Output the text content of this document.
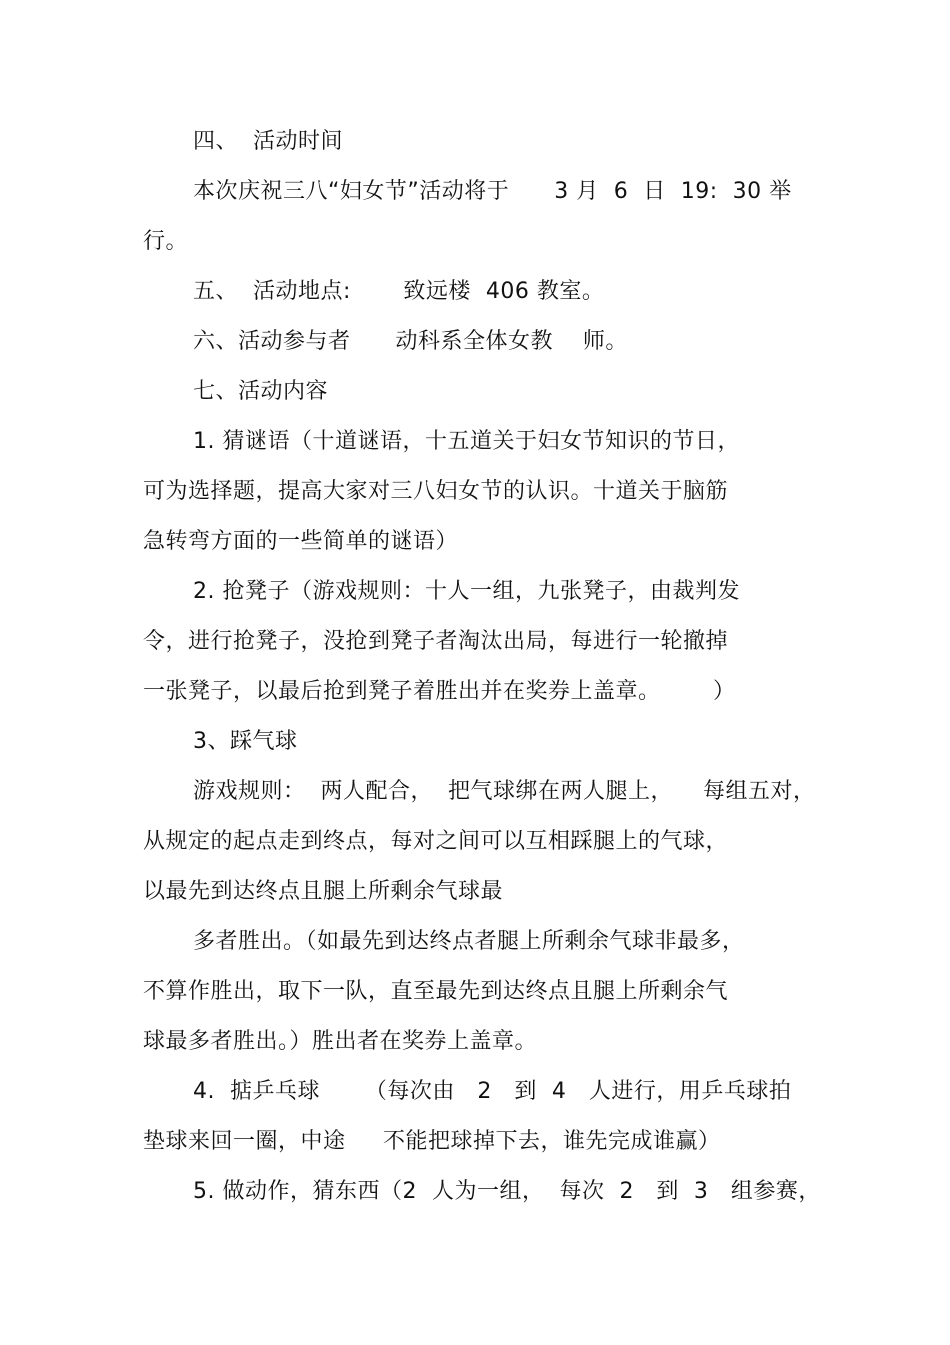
四、  活动时间
本次庆祝三八“妇女节”活动将于      3 月  6  日  19:  30 举
行。
五、  活动地点:       致远楼  406 教室。
六、活动参与者      动科系全体女教    师。
七、活动内容
1. 猜谜语（十道谜语，十五道关于妇女节知识的节日，
可为选择题，提高大家对三八妇女节的认识。十道关于脑筋
急转弯方面的一些简单的谜语）
2. 抢凳子（游戏规则：十人一组，九张凳子，由裁判发
令，进行抢凳子，没抢到凳子者淘汰出局，每进行一轮撤掉
一张凳子，以最后抢到凳子着胜出并在奖券上盖章。       ）
3、踩气球
游戏规则：  两人配合，  把气球绑在两人腿上，    每组五对，
从规定的起点走到终点，每对之间可以互相踩腿上的气球，
以最先到达终点且腿上所剩余气球最
多者胜出。（如最先到达终点者腿上所剩余气球非最多，
不算作胜出，取下一队，直至最先到达终点且腿上所剩余气
球最多者胜出。）胜出者在奖券上盖章。
4.  掂乒乓球      （每次由   2   到  4   人进行，用乒乓球拍
垫球来回一圈，中途     不能把球掉下去，谁先完成谁赢）
5. 做动作，猜东西（2  人为一组，  每次  2   到  3   组参赛，
